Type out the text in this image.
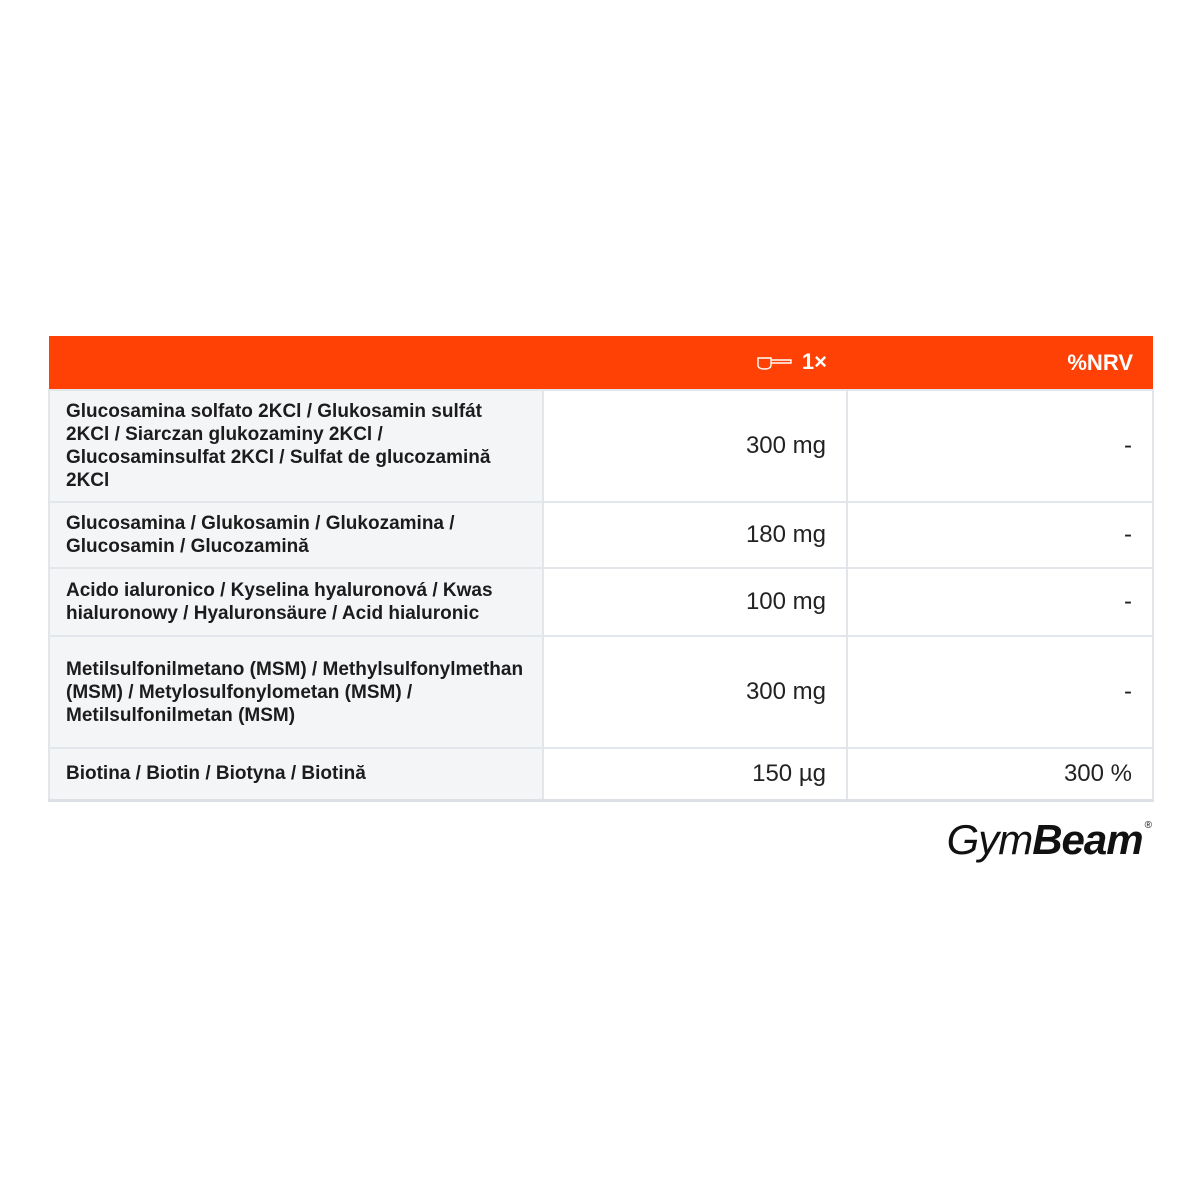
	1×	%NRV
Glucosamina solfato 2KCl / Glukosamin sulfát 2KCl / Siarczan glukozaminy 2KCl / Glucosaminsulfat 2KCl / Sulfat de glucozamină 2KCl	300 mg	-
Glucosamina / Glukosamin / Glukozamina / Glucosamin / Glucozamină	180 mg	-
Acido ialuronico / Kyselina hyaluronová / Kwas hialuronowy / Hyaluronsäure / Acid hialuronic	100 mg	-
Metilsulfonilmetano (MSM) / Methylsulfonylmethan (MSM) / Metylosulfonylometan (MSM) / Metilsulfonilmetan (MSM)	300 mg	-
Biotina / Biotin / Biotyna / Biotină	150 µg	300 %
Gym Beam ®
